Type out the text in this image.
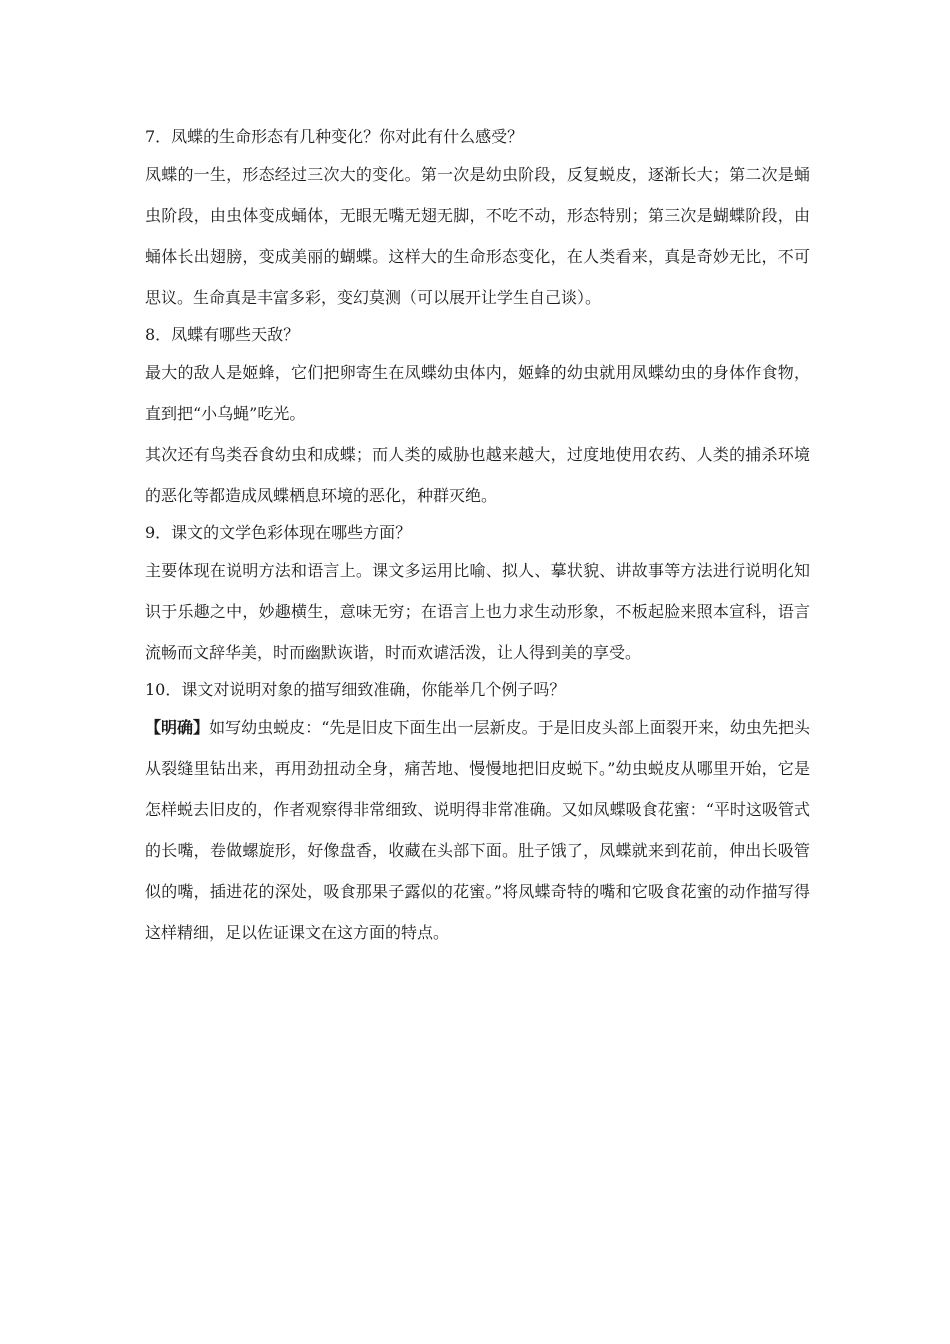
7．凤蝶的生命形态有几种变化？你对此有什么感受？

凤蝶的一生，形态经过三次大的变化。第一次是幼虫阶段，反复蜕皮，逐渐长大；第二次是蛹虫阶段，由虫体变成蛹体，无眼无嘴无翅无脚，不吃不动，形态特别；第三次是蝴蝶阶段，由蛹体长出翅膀，变成美丽的蝴蝶。这样大的生命形态变化，在人类看来，真是奇妙无比，不可思议。生命真是丰富多彩，变幻莫测（可以展开让学生自己谈）。

8．凤蝶有哪些天敌？

最大的敌人是姬蜂，它们把卵寄生在凤蝶幼虫体内，姬蜂的幼虫就用凤蝶幼虫的身体作食物，直到把“小乌蝇”吃光。

其次还有鸟类吞食幼虫和成蝶；而人类的威胁也越来越大，过度地使用农药、人类的捕杀环境的恶化等都造成凤蝶栖息环境的恶化，种群灭绝。

9．课文的文学色彩体现在哪些方面？

主要体现在说明方法和语言上。课文多运用比喻、拟人、摹状貌、讲故事等方法进行说明化知识于乐趣之中，妙趣横生，意味无穷；在语言上也力求生动形象，不板起脸来照本宣科，语言流畅而文辞华美，时而幽默诙谐，时而欢谑活泼，让人得到美的享受。

10．课文对说明对象的描写细致准确，你能举几个例子吗？

【明确】如写幼虫蜕皮：“先是旧皮下面生出一层新皮。于是旧皮头部上面裂开来，幼虫先把头从裂缝里钻出来，再用劲扭动全身，痛苦地、慢慢地把旧皮蜕下。”幼虫蜕皮从哪里开始，它是怎样蜕去旧皮的，作者观察得非常细致、说明得非常准确。又如凤蝶吸食花蜜：“平时这吸管式的长嘴，卷做螺旋形，好像盘香，收藏在头部下面。肚子饿了，凤蝶就来到花前，伸出长吸管似的嘴，插进花的深处，吸食那果子露似的花蜜。”将凤蝶奇特的嘴和它吸食花蜜的动作描写得这样精细，足以佐证课文在这方面的特点。
